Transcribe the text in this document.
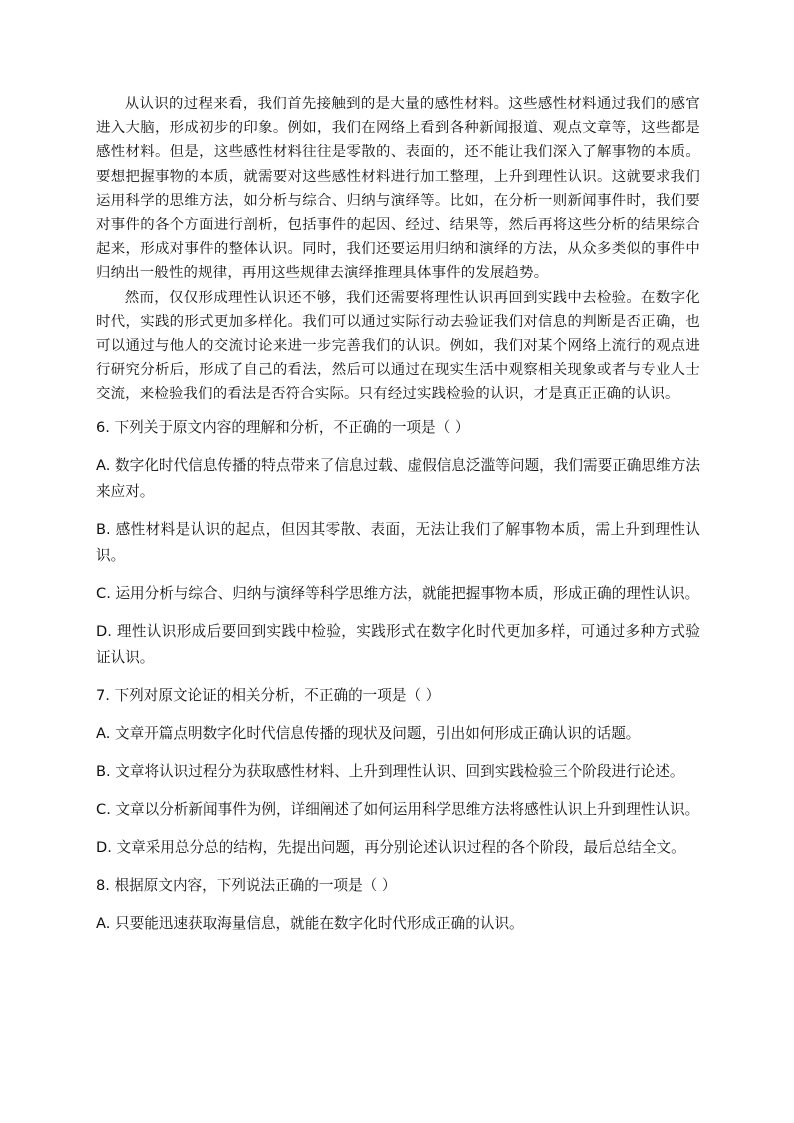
从认识的过程来看，我们首先接触到的是大量的感性材料。这些感性材料通过我们的感官进入大脑，形成初步的印象。例如，我们在网络上看到各种新闻报道、观点文章等，这些都是感性材料。但是，这些感性材料往往是零散的、表面的，还不能让我们深入了解事物的本质。要想把握事物的本质，就需要对这些感性材料进行加工整理，上升到理性认识。这就要求我们运用科学的思维方法，如分析与综合、归纳与演绎等。比如，在分析一则新闻事件时，我们要对事件的各个方面进行剖析，包括事件的起因、经过、结果等，然后再将这些分析的结果综合起来，形成对事件的整体认识。同时，我们还要运用归纳和演绎的方法，从众多类似的事件中归纳出一般性的规律，再用这些规律去演绎推理具体事件的发展趋势。

然而，仅仅形成理性认识还不够，我们还需要将理性认识再回到实践中去检验。在数字化时代，实践的形式更加多样化。我们可以通过实际行动去验证我们对信息的判断是否正确，也可以通过与他人的交流讨论来进一步完善我们的认识。例如，我们对某个网络上流行的观点进行研究分析后，形成了自己的看法，然后可以通过在现实生活中观察相关现象或者与专业人士交流，来检验我们的看法是否符合实际。只有经过实践检验的认识，才是真正正确的认识。

6. 下列关于原文内容的理解和分析，不正确的一项是（ ）

A. 数字化时代信息传播的特点带来了信息过载、虚假信息泛滥等问题，我们需要正确思维方法来应对。

B. 感性材料是认识的起点，但因其零散、表面，无法让我们了解事物本质，需上升到理性认识。

C. 运用分析与综合、归纳与演绎等科学思维方法，就能把握事物本质，形成正确的理性认识。

D. 理性认识形成后要回到实践中检验，实践形式在数字化时代更加多样，可通过多种方式验证认识。

7. 下列对原文论证的相关分析，不正确的一项是（ ）

A. 文章开篇点明数字化时代信息传播的现状及问题，引出如何形成正确认识的话题。

B. 文章将认识过程分为获取感性材料、上升到理性认识、回到实践检验三个阶段进行论述。

C. 文章以分析新闻事件为例，详细阐述了如何运用科学思维方法将感性认识上升到理性认识。

D. 文章采用总分总的结构，先提出问题，再分别论述认识过程的各个阶段，最后总结全文。

8. 根据原文内容，下列说法正确的一项是（ ）

A. 只要能迅速获取海量信息，就能在数字化时代形成正确的认识。
